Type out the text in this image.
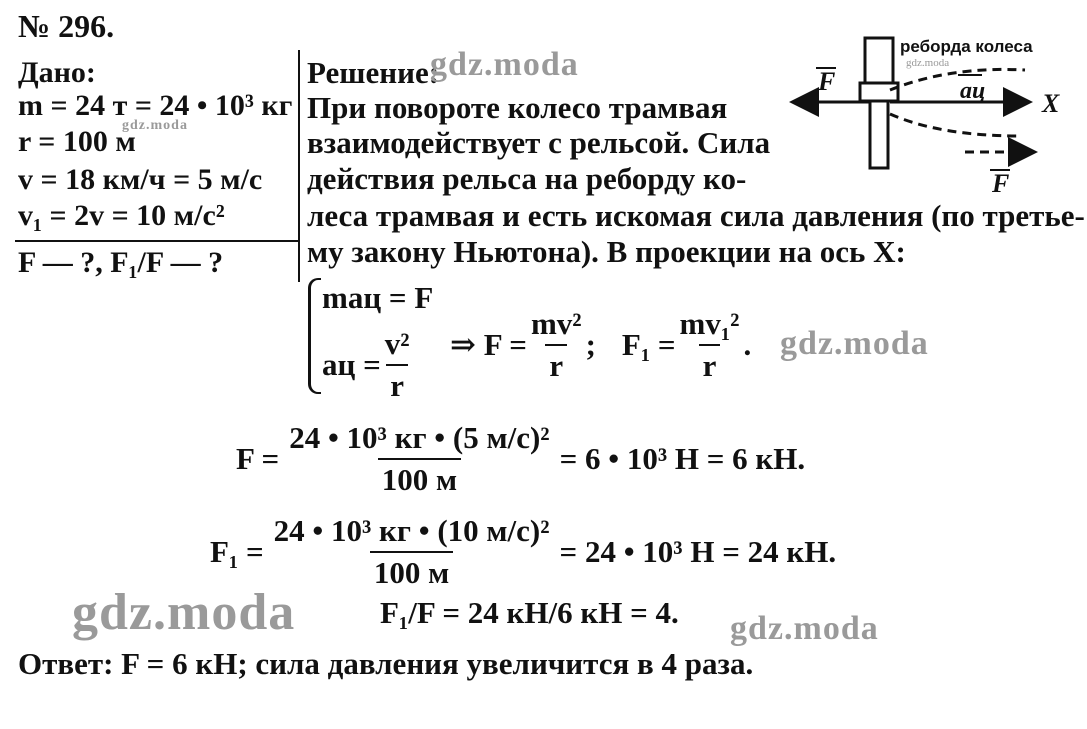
№ 296.
Дано:
m = 24 т = 24 • 10³ кг
r = 100 м
v = 18 км/ч = 5 м/с
v₁ = 2v = 10 м/с²
F — ?, F₁/F — ?
Решение:
При повороте колесо трамвая
взаимодействует с рельсой. Сила
действия рельса на реборду ко-
леса трамвая и есть искомая сила давления (по третье-
му закону Ньютона). В проекции на ось X:
maц = F
aц = $\frac{\text{v²}}{r}$ ⇒ $F = \frac{\text{mv²}}{r}$ ; $F_1 = \frac{\text{mv₁²}}{r}$ .
$F = \frac{\text{24 • 10³ кг • (5 м/с)²}}{100 м} = 6$ • 10³ Н = 6 кН.
$F_1 = \frac{\text{24 • 10³ кг • (10 м/с)²}}{100 м} = 24$ • 10³ Н = 24 кН.
F₁/F = 24 кН/6 кН = 4.
Ответ: F = 6 кН; сила давления увеличится в 4 раза.
реборда колеса
gdz.moda
F	aц X
F
gdz.moda
gdz.moda
gdz.moda
gdz.moda	gdz.moda
